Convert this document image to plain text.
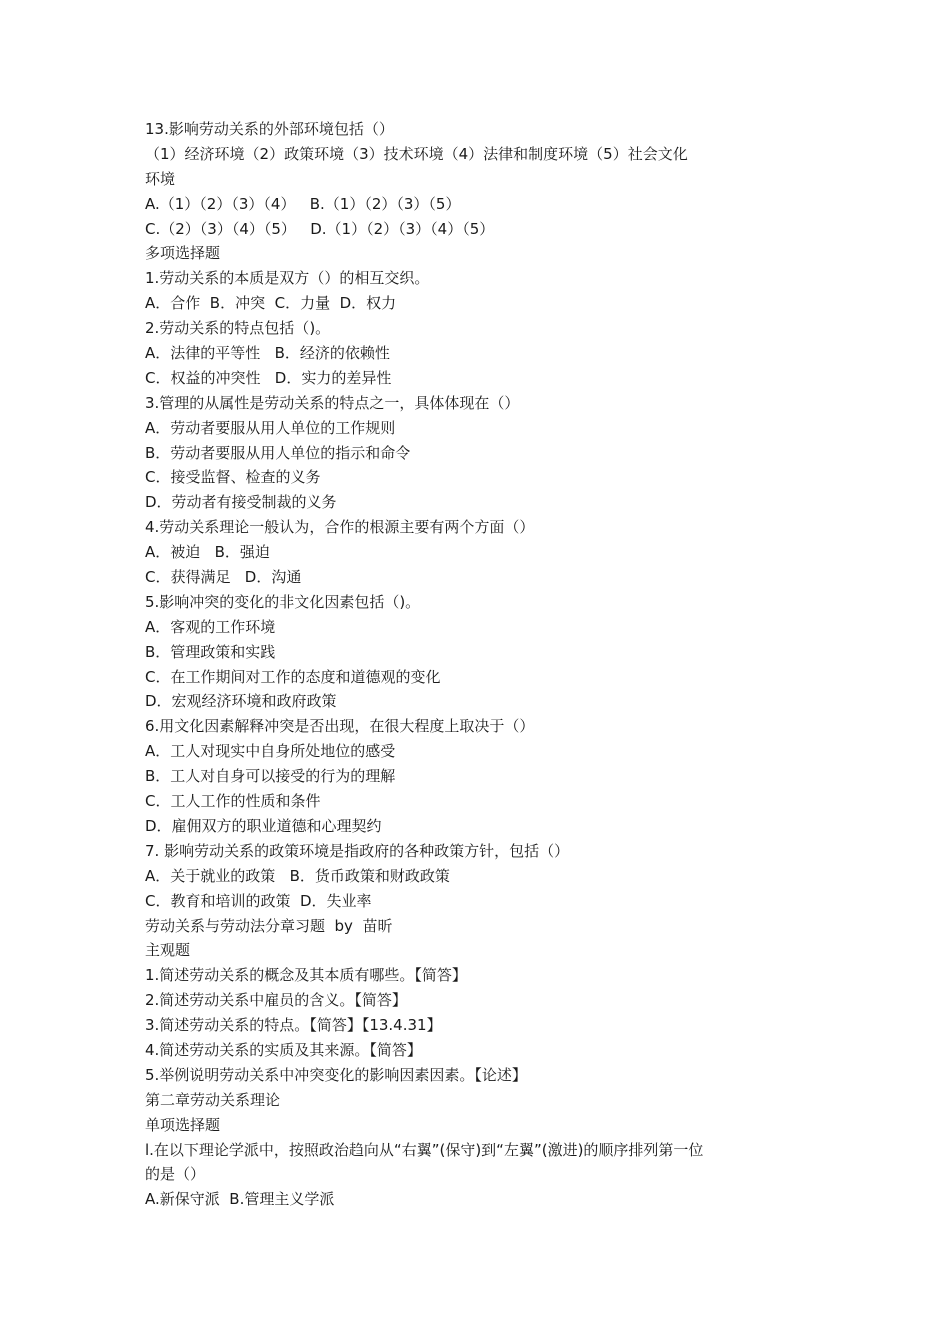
13.影响劳动关系的外部环境包括（）
（1）经济环境（2）政策环境（3）技术环境（4）法律和制度环境（5）社会文化
环境
A.（1）（2）（3）（4）   B.（1）（2）（3）（5）
C.（2）（3）（4）（5）   D.（1）（2）（3）（4）（5）
多项选择题
1.劳动关系的本质是双方（）的相互交织。
A．合作  B．冲突  C．力量  D．权力
2.劳动关系的特点包括（)。
A．法律的平等性   B．经济的依赖性
C．权益的冲突性   D．实力的差异性
3.管理的从属性是劳动关系的特点之一，具体体现在（）
A．劳动者要服从用人单位的工作规则
B．劳动者要服从用人单位的指示和命令
C．接受监督、检查的义务
D．劳动者有接受制裁的义务
4.劳动关系理论一般认为，合作的根源主要有两个方面（）
A．被迫   B．强迫
C．获得满足   D．沟通
5.影响冲突的变化的非文化因素包括（)。
A．客观的工作环境
B．管理政策和实践
C．在工作期间对工作的态度和道德观的变化
D．宏观经济环境和政府政策
6.用文化因素解释冲突是否出现，在很大程度上取决于（）
A．工人对现实中自身所处地位的感受
B．工人对自身可以接受的行为的理解
C．工人工作的性质和条件
D．雇佣双方的职业道德和心理契约
7. 影响劳动关系的政策环境是指政府的各种政策方针，包括（）
A．关于就业的政策   B．货币政策和财政政策
C．教育和培训的政策  D．失业率
劳动关系与劳动法分章习题  by  苗昕
主观题
1.简述劳动关系的概念及其本质有哪些。【简答】
2.简述劳动关系中雇员的含义。【简答】
3.简述劳动关系的特点。【简答】【13.4.31】
4.简述劳动关系的实质及其来源。【简答】
5.举例说明劳动关系中冲突变化的影响因素因素。【论述】
第二章劳动关系理论
单项选择题
l.在以下理论学派中，按照政治趋向从“右翼”(保守)到“左翼”(激进)的顺序排列第一位
的是（）
A.新保守派  B.管理主义学派
